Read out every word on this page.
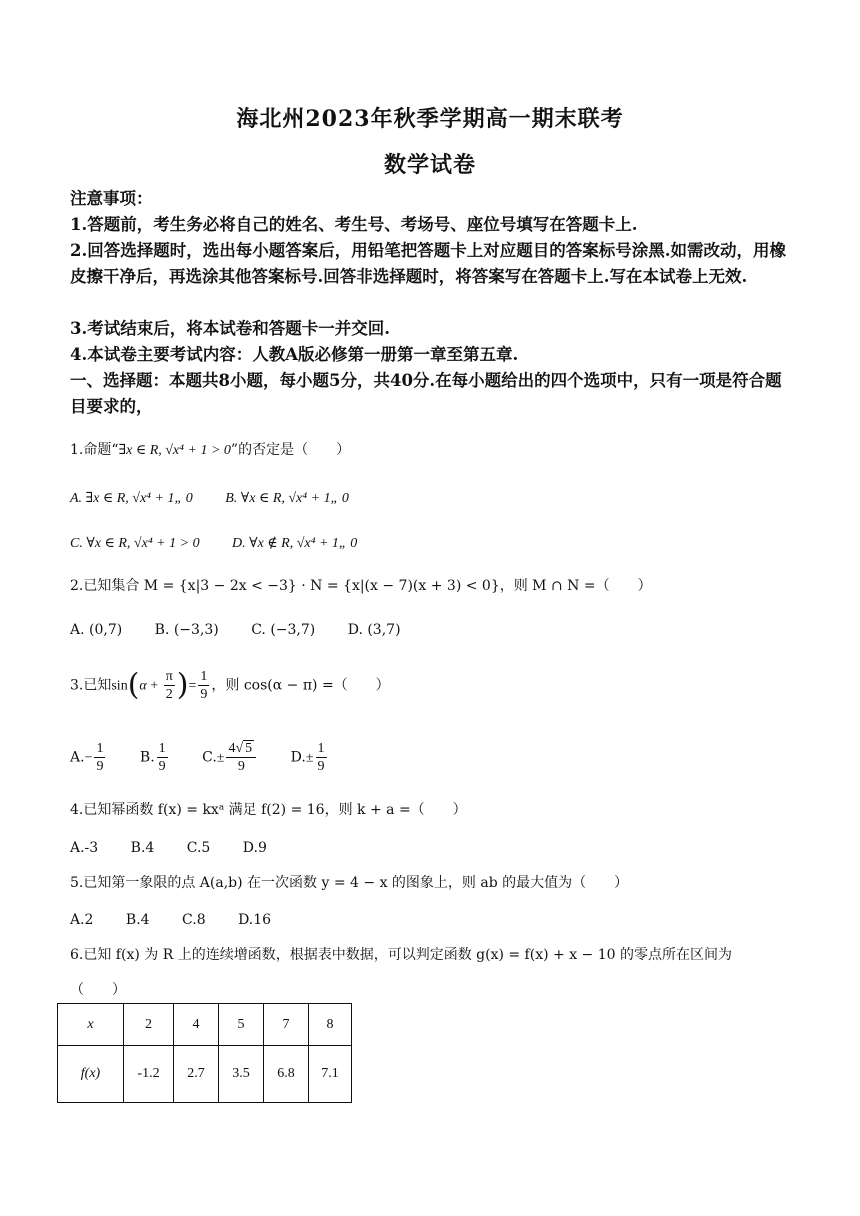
海北州2023年秋季学期高一期末联考
数学试卷
注意事项：
1.答题前，考生务必将自己的姓名、考生号、考场号、座位号填写在答题卡上.
2.回答选择题时，选出每小题答案后，用铅笔把答题卡上对应题目的答案标号涂黑.如需改动，用橡皮擦干净后，再选涂其他答案标号.回答非选择题时，将答案写在答题卡上.写在本试卷上无效.
3.考试结束后，将本试卷和答题卡一并交回.
4.本试卷主要考试内容：人教A版必修第一册第一章至第五章.
一、选择题：本题共8小题，每小题5分，共40分.在每小题给出的四个选项中，只有一项是符合题目要求的，
1.命题“∃x ∈ R, √x⁴ + 1 > 0”的否定是（　　）
A. ∃x ∈ R, √x⁴ + 1„ 0 B. ∀x ∈ R, √x⁴ + 1„ 0
C. ∀x ∈ R, √x⁴ + 1 > 0 D. ∀x ∉ R, √x⁴ + 1„ 0
2.已知集合 M = {x|3 − 2x < −3} · N = {x|(x − 7)(x + 3) < 0}，则 M ∩ N =（　　）
A. (0,7) B. (−3,3) C. (−3,7) D. (3,7)
3.已知$\sin(\alpha + \frac{\pi}{2}$ )= $\frac{1}{9}$ ，则 cos(α − π) =（　　）
$A.- \frac{1}{9} B$. $\frac{1}{9} C.\pm \frac{4√ 5}{9} D.\pm \frac{1}{9}$
4.已知幂函数 f(x) = kxᵃ 满足 f(2) = 16，则 k + a =（　　）
A.-3 B.4 C.5 D.9
5.已知第一象限的点 A(a,b) 在一次函数 y = 4 − x 的图象上，则 ab 的最大值为（　　）
A.2 B.4 C.8 D.16
6.已知 f(x) 为 R 上的连续增函数，根据表中数据，可以判定函数 g(x) = f(x) + x − 10 的零点所在区间为
（　　）
x	2	4	5	7	8
f(x)	-1.2	2.7	3.5	6.8	7.1
